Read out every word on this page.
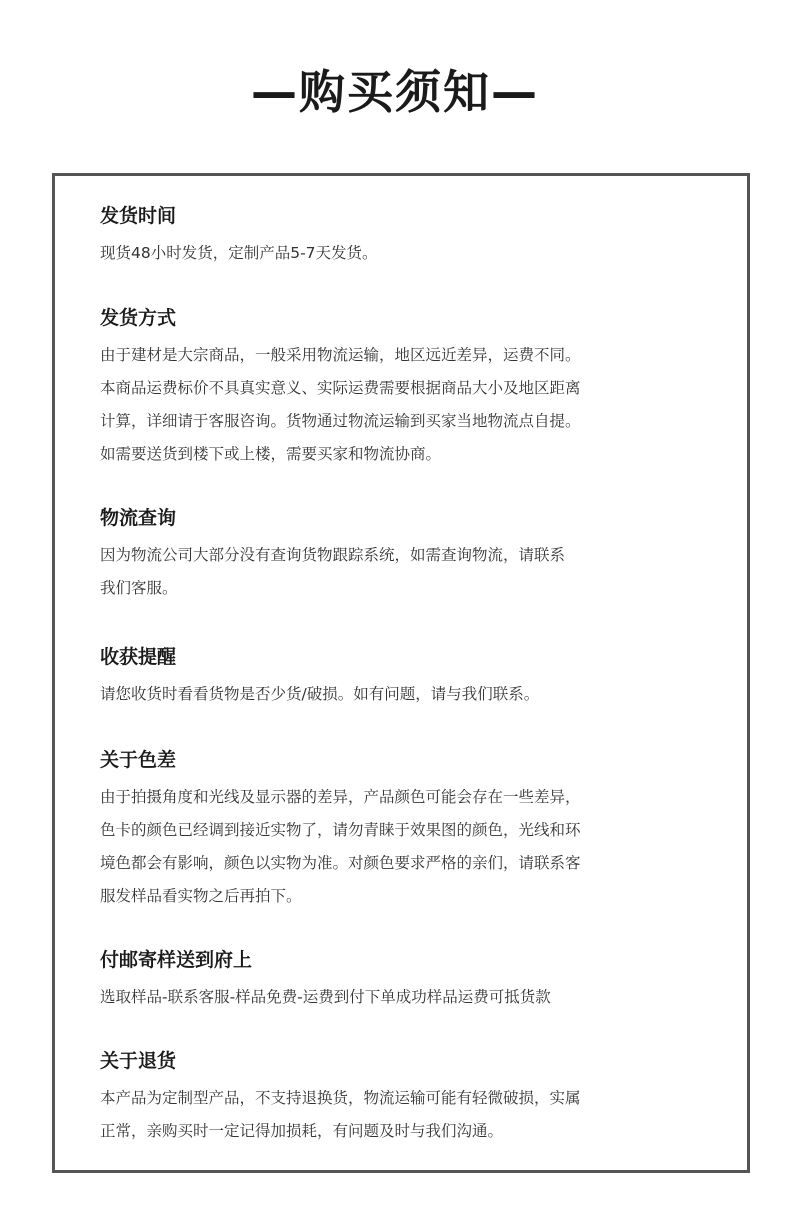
—购买须知—
发货时间

现货48小时发货，定制产品5-7天发货。

发货方式

由于建材是大宗商品，一般采用物流运输，地区远近差异，运费不同。
本商品运费标价不具真实意义、实际运费需要根据商品大小及地区距离
计算，详细请于客服咨询。货物通过物流运输到买家当地物流点自提。
如需要送货到楼下或上楼，需要买家和物流协商。

物流查询

因为物流公司大部分没有查询货物跟踪系统，如需查询物流，请联系
我们客服。

收获提醒

请您收货时看看货物是否少货/破损。如有问题，请与我们联系。

关于色差

由于拍摄角度和光线及显示器的差异，产品颜色可能会存在一些差异，
色卡的颜色已经调到接近实物了，请勿青睐于效果图的颜色，光线和环
境色都会有影响，颜色以实物为准。对颜色要求严格的亲们，请联系客
服发样品看实物之后再拍下。

付邮寄样送到府上

选取样品-联系客服-样品免费-运费到付下单成功样品运费可抵货款

关于退货

本产品为定制型产品，不支持退换货，物流运输可能有轻微破损，实属
正常，亲购买时一定记得加损耗，有问题及时与我们沟通。
